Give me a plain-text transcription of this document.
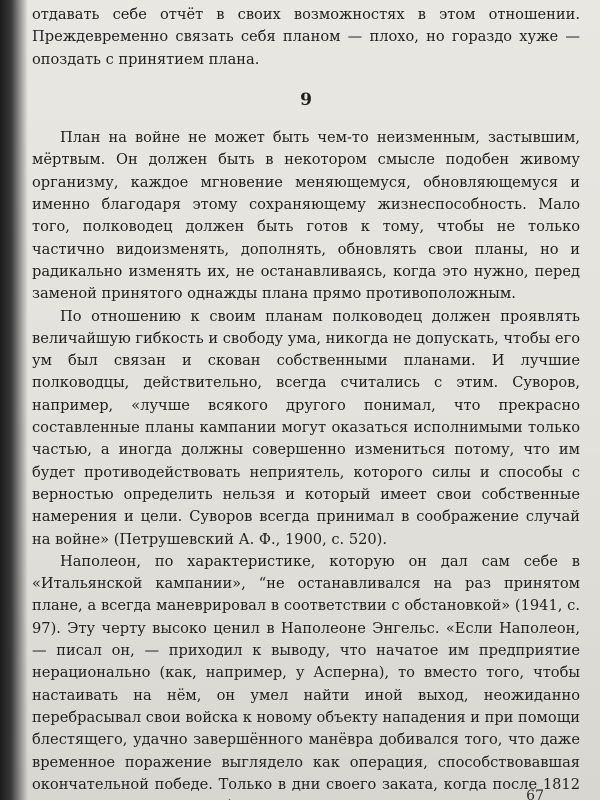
отдавать себе отчёт в своих возможностях в этом отношении. Преждевременно связать себя планом — плохо, но гораздо хуже — опоздать с принятием плана.

9

План на войне не может быть чем-то неизменным, застывшим, мёртвым. Он должен быть в некотором смысле подобен живому организму, каждое мгновение меняющемуся, обновляющемуся и именно благодаря этому сохраняющему жизнеспособность. Мало того, полководец должен быть готов к тому, чтобы не только частично видоизменять, дополнять, обновлять свои планы, но и радикально изменять их, не останавливаясь, когда это нужно, перед заменой принятого однажды плана прямо противоположным.

По отношению к своим планам полководец должен проявлять величайшую гибкость и свободу ума, никогда не допускать, чтобы его ум был связан и скован собственными планами. И лучшие полководцы, действительно, всегда считались с этим. Суворов, например, «лучше всякого другого понимал, что прекрасно составленные планы кампании могут оказаться исполнимыми только частью, а иногда должны совершенно измениться потому, что им будет противодействовать неприятель, которого силы и способы с верностью определить нельзя и который имеет свои собственные намерения и цели. Суворов всегда принимал в соображение случай на войне» (Петрушевский А. Ф., 1900, с. 520).

Наполеон, по характеристике, которую он дал сам себе в «Итальянской кампании», “не останавливался на раз принятом плане, а всегда маневрировал в соответствии с обстановкой» (1941, с. 97). Эту черту высоко ценил в Наполеоне Энгельс. «Если Наполеон, — писал он, — приходил к выводу, что начатое им предприятие нерационально (как, например, у Асперна), то вместо того, чтобы настаивать на нём, он умел найти иной выход, неожиданно перебрасывал свои войска к новому объекту нападения и при помощи блестящего, удачно завершённого манёвра добивался того, что даже временное поражение выглядело как операция, способствовавшая окончательной победе. Только в дни своего заката, когда после 1812

67
